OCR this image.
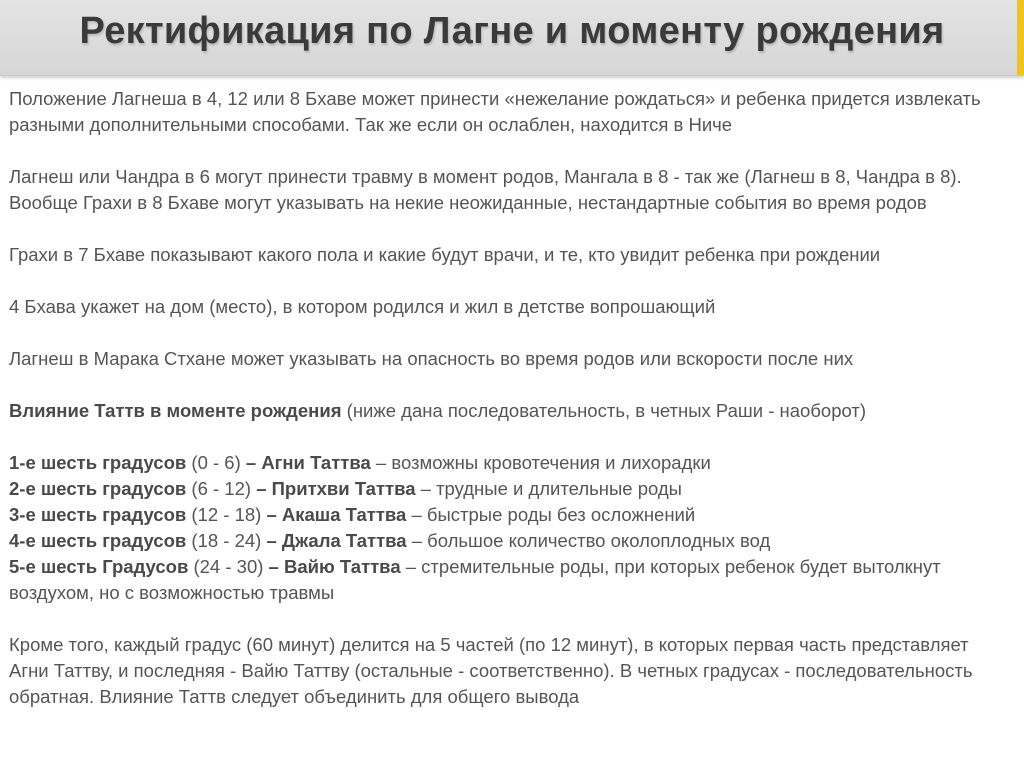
Ректификация по Лагне и моменту рождения

Положение Лагнеша в 4, 12 или 8 Бхаве может принести «нежелание рождаться» и ребенка придется извлекать разными дополнительными способами. Так же если он ослаблен, находится в Ниче

Лагнеш или Чандра в 6 могут принести травму в момент родов, Мангала в 8 - так же (Лагнеш в 8, Чандра в 8). Вообще Грахи в 8 Бхаве могут указывать на некие неожиданные, нестандартные события во время родов

Грахи в 7 Бхаве показывают какого пола и какие будут врачи, и те, кто увидит ребенка при рождении

4 Бхава укажет на дом (место), в котором родился и жил в детстве вопрошающий

Лагнеш в Марака Стхане может указывать на опасность во время родов или вскорости после них

Влияние Таттв в моменте рождения (ниже дана последовательность, в четных Раши - наоборот)

1-е шесть градусов (0 - 6) – Агни Таттва – возможны кровотечения и лихорадки

2-е шесть градусов (6 - 12) – Притхви Таттва – трудные и длительные роды

3-е шесть градусов (12 - 18) – Акаша Таттва – быстрые роды без осложнений

4-е шесть градусов (18 - 24) – Джала Таттва – большое количество околоплодных вод

5-е шесть Градусов (24 - 30) – Вайю Таттва – стремительные роды, при которых ребенок будет вытолкнут воздухом, но с возможностью травмы

Кроме того, каждый градус (60 минут) делится на 5 частей (по 12 минут), в которых первая часть представляет Агни Таттву, и последняя - Вайю Таттву (остальные - соответственно). В четных градусах - последовательность обратная. Влияние Таттв следует объединить для общего вывода
